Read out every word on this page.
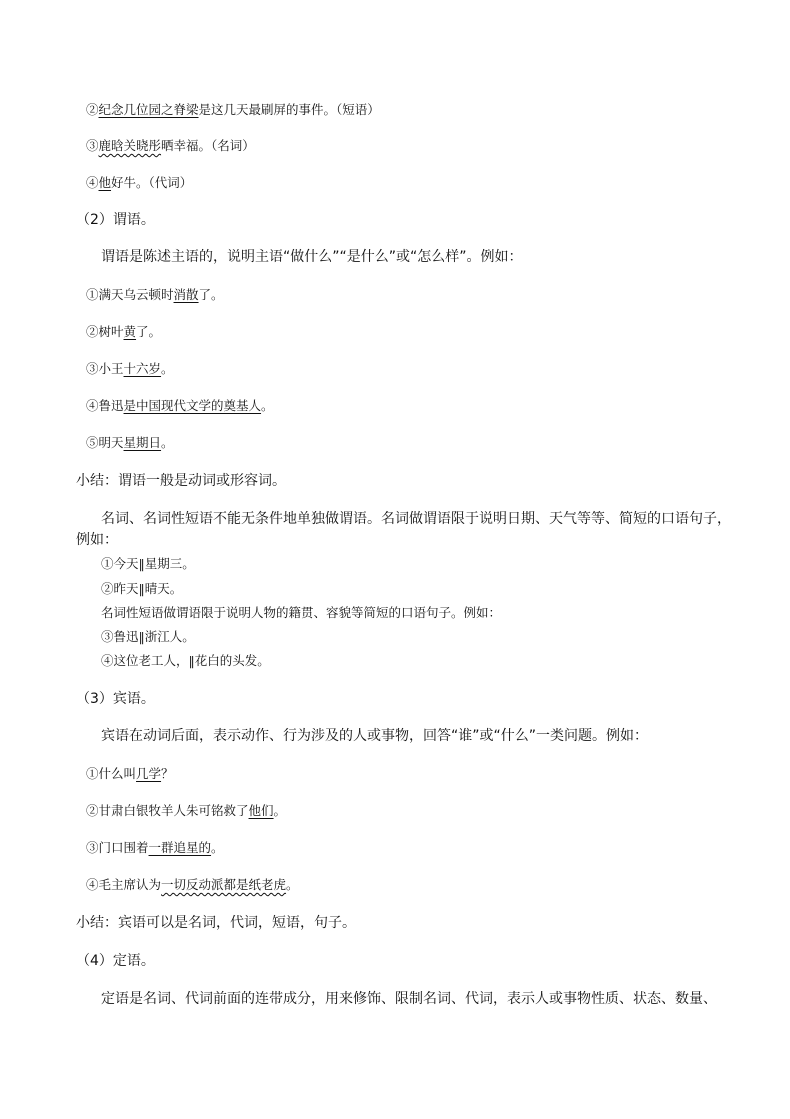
②纪念几位园之脊梁是这几天最刷屏的事件。（短语）
③鹿晗关晓彤晒幸福。（名词）
④他好牛。（代词）
（2）谓语。
谓语是陈述主语的，说明主语“做什么”“是什么”或“怎么样”。例如：
①满天乌云顿时消散了。
②树叶黄了。
③小王十六岁。
④鲁迅是中国现代文学的奠基人。
⑤明天星期日。
小结：谓语一般是动词或形容词。
名词、名词性短语不能无条件地单独做谓语。名词做谓语限于说明日期、天气等等、简短的口语句子，
例如：
①今天‖星期三。
②昨天‖晴天。
名词性短语做谓语限于说明人物的籍贯、容貌等简短的口语句子。例如：
③鲁迅‖浙江人。
④这位老工人，‖花白的头发。
（3）宾语。
宾语在动词后面，表示动作、行为涉及的人或事物，回答“谁”或“什么”一类问题。例如：
①什么叫几学？
②甘肃白银牧羊人朱可铭救了他们。
③门口围着一群追星的。
④毛主席认为一切反动派都是纸老虎。
小结：宾语可以是名词，代词，短语，句子。
（4）定语。
定语是名词、代词前面的连带成分，用来修饰、限制名词、代词，表示人或事物性质、状态、数量、
